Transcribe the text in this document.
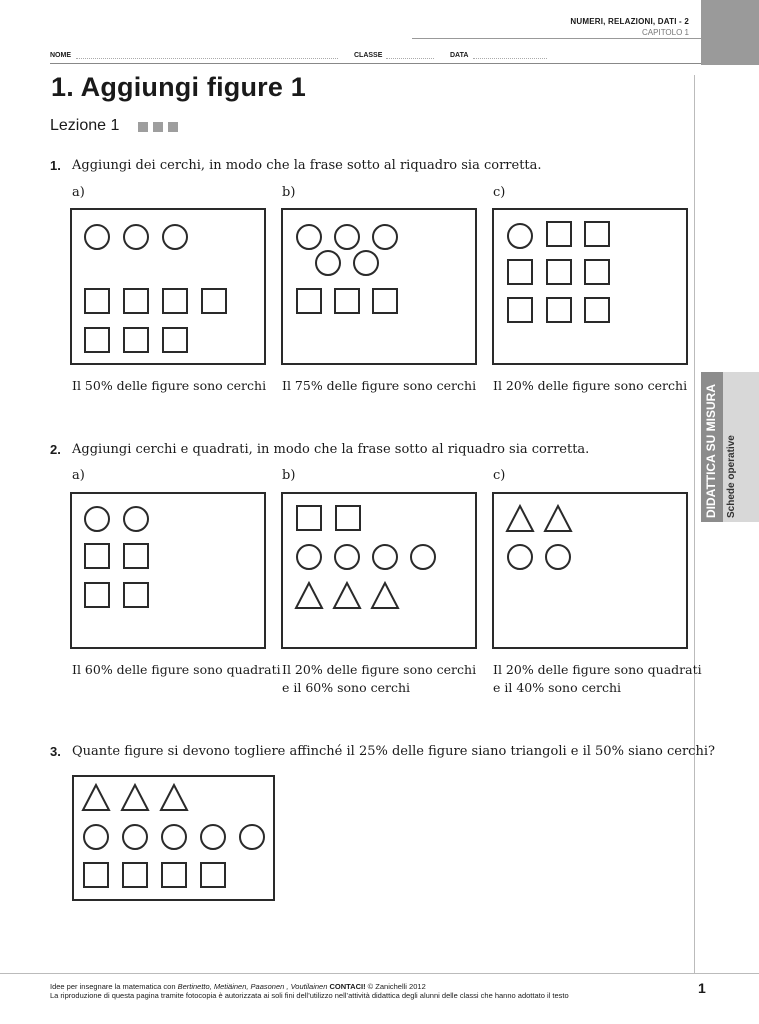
NUMERI, RELAZIONI, DATI - 2
CAPITOLO 1
NOME	CLASSE	DATA
1. Aggiungi figure 1
Lezione 1
DIDATTICA SU MISURA Schede operative
1. Aggiungi dei cerchi, in modo che la frase sotto al riquadro sia corretta.
a)	b)	c)
Il 50% delle figure sono cerchi Il 75% delle figure sono cerchi Il 20% delle figure sono cerchi
2. Aggiungi cerchi e quadrati, in modo che la frase sotto al riquadro sia corretta.
a)	b)	c)
Il 60% delle figure sono quadrati Il 20% delle figure sono cerchi
e il 60% sono cerchi
Il 20% delle figure sono quadrati
e il 40% sono cerchi
3. Quante figure si devono togliere affinché il 25% delle figure siano triangoli e il 50% siano cerchi?
Idee per insegnare la matematica con Bertinetto, Metiäinen, Paasonen , Voutilainen CONTACI! © Zanichelli 2012
La riproduzione di questa pagina tramite fotocopia è autorizzata ai soli fini dell’utilizzo nell’attività didattica degli alunni delle classi che hanno adottato il testo	1
